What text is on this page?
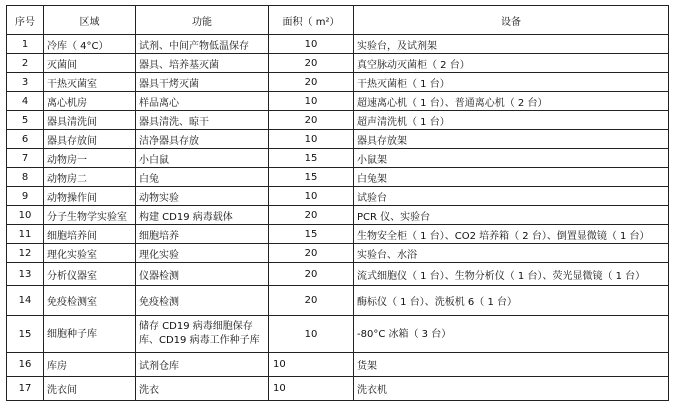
序号	区域	功能	面积（ m²）	设备
1	冷库（ 4°C）	试剂、中间产物低温保存	10	实验台，及试剂架
2	灭菌间	器具、培养基灭菌	20	真空脉动灭菌柜（ 2 台）
3	干热灭菌室	器具干烤灭菌	20	干热灭菌柜（ 1 台）
4	离心机房	样品离心	10	超速离心机（ 1 台）、普通离心机（ 2 台）
5	器具清洗间	器具清洗、晾干	20	超声清洗机（ 1 台）
6	器具存放间	洁净器具存放	10	器具存放架
7	动物房一	小白鼠	15	小鼠架
8	动物房二	白兔	15	白兔架
9	动物操作间	动物实验	10	试验台
10	分子生物学实验室	构建 CD19 病毒载体	20	PCR 仪、实验台
11	细胞培养间	细胞培养	15	生物安全柜（ 1 台）、CO2 培养箱（ 2 台）、倒置显微镜（ 1 台）
12	理化实验室	理化实验	20	实验台、水浴
13	分析仪器室	仪器检测	20	流式细胞仪（ 1 台）、生物分析仪（ 1 台）、荧光显微镜（ 1 台）
14	免疫检测室	免疫检测	20	酶标仪（ 1 台）、洗板机 6（ 1 台）
15	细胞种子库	储存 CD19 病毒细胞保存库、CD19 病毒工作种子库	10	-80°C 冰箱（ 3 台）
16	库房	试剂仓库	10	货架
17	洗衣间	洗衣	10	洗衣机
